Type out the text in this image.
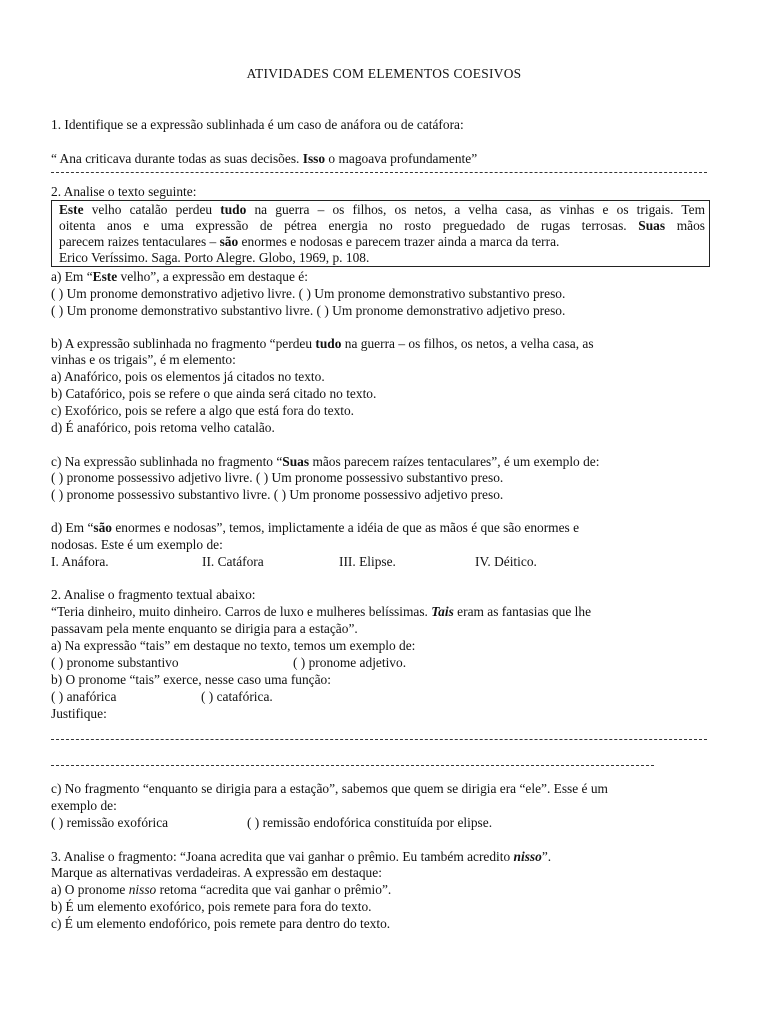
ATIVIDADES COM ELEMENTOS COESIVOS
1. Identifique se a expressão sublinhada é um caso de anáfora ou de catáfora:
“ Ana criticava durante todas as suas decisões. Isso o magoava profundamente”
2. Analise o texto seguinte:
Este velho catalão perdeu tudo na guerra – os filhos, os netos, a velha casa, as vinhas e os trigais. Tem
oitenta anos e uma expressão de pétrea energia no rosto preguedado de rugas terrosas. Suas mãos
parecem raizes tentaculares – são enormes e nodosas e parecem trazer ainda a marca da terra.
Erico Veríssimo. Saga. Porto Alegre. Globo, 1969, p. 108.
a) Em “Este velho”, a expressão em destaque é:
( ) Um pronome demonstrativo adjetivo livre. ( ) Um pronome demonstrativo substantivo preso.
( ) Um pronome demonstrativo substantivo livre. ( ) Um pronome demonstrativo adjetivo preso.
b) A expressão sublinhada no fragmento “perdeu tudo na guerra – os filhos, os netos, a velha casa, as
vinhas e os trigais”, é m elemento:
a) Anafórico, pois os elementos já citados no texto.
b) Catafórico, pois se refere o que ainda será citado no texto.
c) Exofórico, pois se refere a algo que está fora do texto.
d) É anafórico, pois retoma velho catalão.
c) Na expressão sublinhada no fragmento “Suas mãos parecem raízes tentaculares”, é um exemplo de:
( ) pronome possessivo adjetivo livre. ( ) Um pronome possessivo substantivo preso.
( ) pronome possessivo substantivo livre. ( ) Um pronome possessivo adjetivo preso.
d) Em “são enormes e nodosas”, temos, implictamente a idéia de que as mãos é que são enormes e
nodosas. Este é um exemplo de:
I. Anáfora.	II. Catáfora	III. Elipse.	IV. Déitico.
2. Analise o fragmento textual abaixo:
“Teria dinheiro, muito dinheiro. Carros de luxo e mulheres belíssimas. Tais eram as fantasias que lhe
passavam pela mente enquanto se dirigia para a estação”.
a) Na expressão “tais” em destaque no texto, temos um exemplo de:
( ) pronome substantivo	( ) pronome adjetivo.
b) O pronome “tais” exerce, nesse caso uma função:
( ) anafórica	( ) catafórica.
Justifique:
c) No fragmento “enquanto se dirigia para a estação”, sabemos que quem se dirigia era “ele”. Esse é um
exemplo de:
( ) remissão exofórica	( ) remissão endofórica constituída por elipse.
3. Analise o fragmento: “Joana acredita que vai ganhar o prêmio. Eu também acredito nisso”.
Marque as alternativas verdadeiras. A expressão em destaque:
a) O pronome nisso retoma “acredita que vai ganhar o prêmio”.
b) É um elemento exofórico, pois remete para fora do texto.
c) É um elemento endofórico, pois remete para dentro do texto.
